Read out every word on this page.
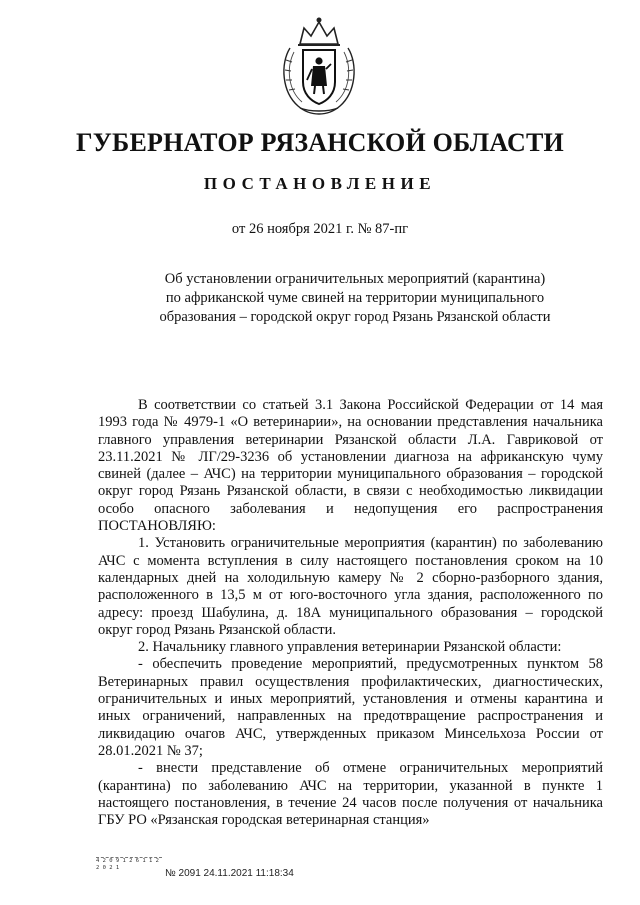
ГУБЕРНАТОР РЯЗАНСКОЙ ОБЛАСТИ
ПОСТАНОВЛЕНИЕ
от 26 ноября 2021 г. № 87-пг
Об установлении ограничительных мероприятий (карантина)
по африканской чуме свиней на территории муниципального
образования – городской округ город Рязань Рязанской области

В соответствии со статьей 3.1 Закона Российской Федерации от 14 мая 1993 года № 4979-1 «О ветеринарии», на основании представления начальника главного управления ветеринарии Рязанской области Л.А. Гавриковой от 23.11.2021 № ЛГ/29-3236 об установлении диагноза на африканскую чуму свиней (далее – АЧС) на территории муниципального образования – городской округ город Рязань Рязанской области, в связи с необходимостью ликвидации особо опасного заболевания и недопущения его распространения ПОСТАНОВЛЯЮ:

1. Установить ограничительные мероприятия (карантин) по заболеванию АЧС с момента вступления в силу настоящего постановления сроком на 10 календарных дней на холодильную камеру № 2 сборно-разборного здания, расположенного в 13,5 м от юго-восточного угла здания, расположенного по адресу: проезд Шабулина, д. 18А муниципального образования – городской округ город Рязань Рязанской области.

2. Начальнику главного управления ветеринарии Рязанской области:

- обеспечить проведение мероприятий, предусмотренных пунктом 58 Ветеринарных правил осуществления профилактических, диагностических, ограничительных и иных мероприятий, установления и отмены карантина и иных ограничений, направленных на предотвращение распространения и ликвидацию очагов АЧС, утвержденных приказом Минсельхоза России от 28.01.2021 № 37;

- внести представление об отмене ограничительных мероприятий (карантина) по заболеванию АЧС на территории, указанной в пункте 1 настоящего постановления, в течение 24 часов после получения от начальника ГБУ РО «Рязанская городская ветеринарная станция»

4 2 0 9 1 2 6 1 1 2
2 0 2 1	№ 2091 24.11.2021 11:18:34
